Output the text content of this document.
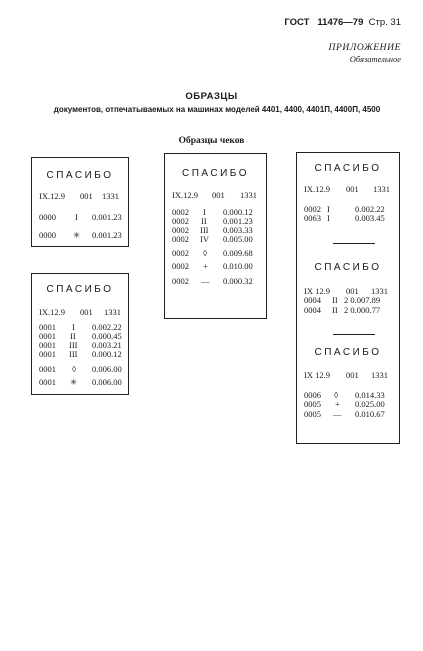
ГОСТ 11476—79 Стр. 31
ПРИЛОЖЕНИЕ
Обязательное
ОБРАЗЦЫ
документов, отпечатываемых на машинах моделей 4401, 4400, 4401П, 4400П, 4500
Образцы чеков
СПАСИБО
IX.12.9 001 1331
0000 I 0.001.23
0000 ✳ 0.001.23
СПАСИБО
IX.12.9 001 1331
0001 I 0.002.22
0001 II 0.000.45
0001 III 0.003.21
0001 III 0.000.12
0001 ◊ 0.006.00
0001 ✳ 0.006.00
СПАСИБО
IX.12.9 001 1331
0002 I 0.000.12
0002 II 0.001.23
0002 III 0.003.33
0002 IV 0.005.00
0002 ◊ 0.009.68
0002 + 0.010.00
0002 — 0.000.32
СПАСИБО
IX.12.9 001 1331
0002 I	0.002.22
0063 I	0.003.45
СПАСИБО
IX 12.9 001 1331
0004 II 2 0.007.89
0004 II 2 0.000.77
СПАСИБО
IX 12.9 001 1331
0006 ◊ 0.014.33
0005 + 0.025.00
0005 — 0.010.67
